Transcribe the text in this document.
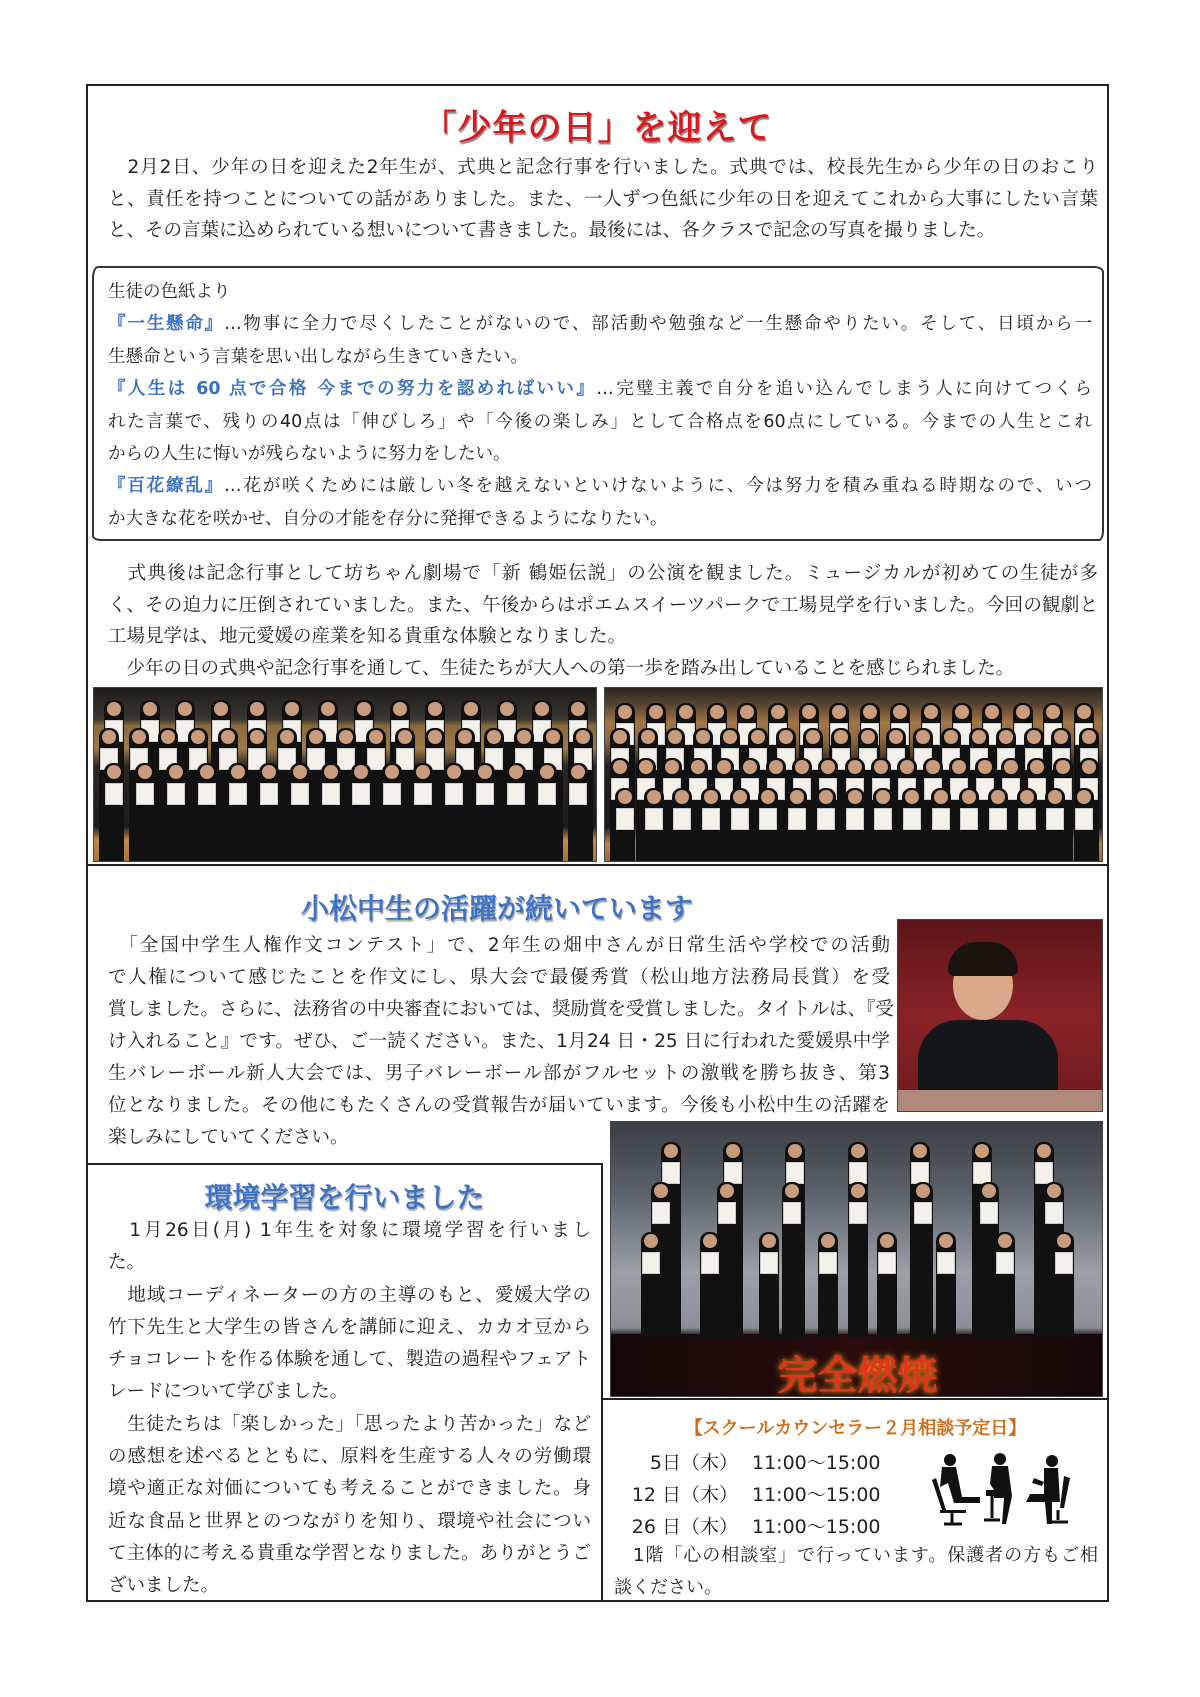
「少年の日」を迎えて
　2月2日、少年の日を迎えた2年生が、式典と記念行事を行いました。式典では、校長先生から少年の日のおこり
と、責任を持つことについての話がありました。また、一人ずつ色紙に少年の日を迎えてこれから大事にしたい言葉
と、その言葉に込められている想いについて書きました。最後には、各クラスで記念の写真を撮りました。
生徒の色紙より
『一生懸命』…物事に全力で尽くしたことがないので、部活動や勉強など一生懸命やりたい。そして、日頃から一
生懸命という言葉を思い出しながら生きていきたい。
『人生は 60 点で合格 今までの努力を認めればいい』…完璧主義で自分を追い込んでしまう人に向けてつくら
れた言葉で、残りの40点は「伸びしろ」や「今後の楽しみ」として合格点を60点にしている。今までの人生とこれ
からの人生に悔いが残らないように努力をしたい。
『百花繚乱』…花が咲くためには厳しい冬を越えないといけないように、今は努力を積み重ねる時期なので、いつ
か大きな花を咲かせ、自分の才能を存分に発揮できるようになりたい。
　式典後は記念行事として坊ちゃん劇場で「新 鶴姫伝説」の公演を観ました。ミュージカルが初めての生徒が多
く、その迫力に圧倒されていました。また、午後からはポエムスイーツパークで工場見学を行いました。今回の観劇と
工場見学は、地元愛媛の産業を知る貴重な体験となりました。
　少年の日の式典や記念行事を通して、生徒たちが大人への第一歩を踏み出していることを感じられました。
小松中生の活躍が続いています
　「全国中学生人権作文コンテスト」で、2年生の畑中さんが日常生活や学校での活動
で人権について感じたことを作文にし、県大会で最優秀賞（松山地方法務局長賞）を受
賞しました。さらに、法務省の中央審査においては、奨励賞を受賞しました。タイトルは、『受
け入れること』です。ぜひ、ご一読ください。また、1月24 日・25 日に行われた愛媛県中学
生バレーボール新人大会では、男子バレーボール部がフルセットの激戦を勝ち抜き、第3
位となりました。その他にもたくさんの受賞報告が届いています。今後も小松中生の活躍を
楽しみにしていてください。
完全燃焼
環境学習を行いました
　1月26日(月) 1年生を対象に環境学習を行いまし
た。
　地域コーディネーターの方の主導のもと、愛媛大学の
竹下先生と大学生の皆さんを講師に迎え、カカオ豆から
チョコレートを作る体験を通して、製造の過程やフェアト
レードについて学びました。
　生徒たちは「楽しかった」「思ったより苦かった」など
の感想を述べるとともに、原料を生産する人々の労働環
境や適正な対価についても考えることができました。身
近な食品と世界とのつながりを知り、環境や社会につい
て主体的に考える貴重な学習となりました。ありがとうご
ざいました。
【スクールカウンセラー２月相談予定日】
5日（木） 11:00〜15:00
12 日（木） 11:00〜15:00
26 日（木） 11:00〜15:00
　1階「心の相談室」で行っています。保護者の方もご相
談ください。
